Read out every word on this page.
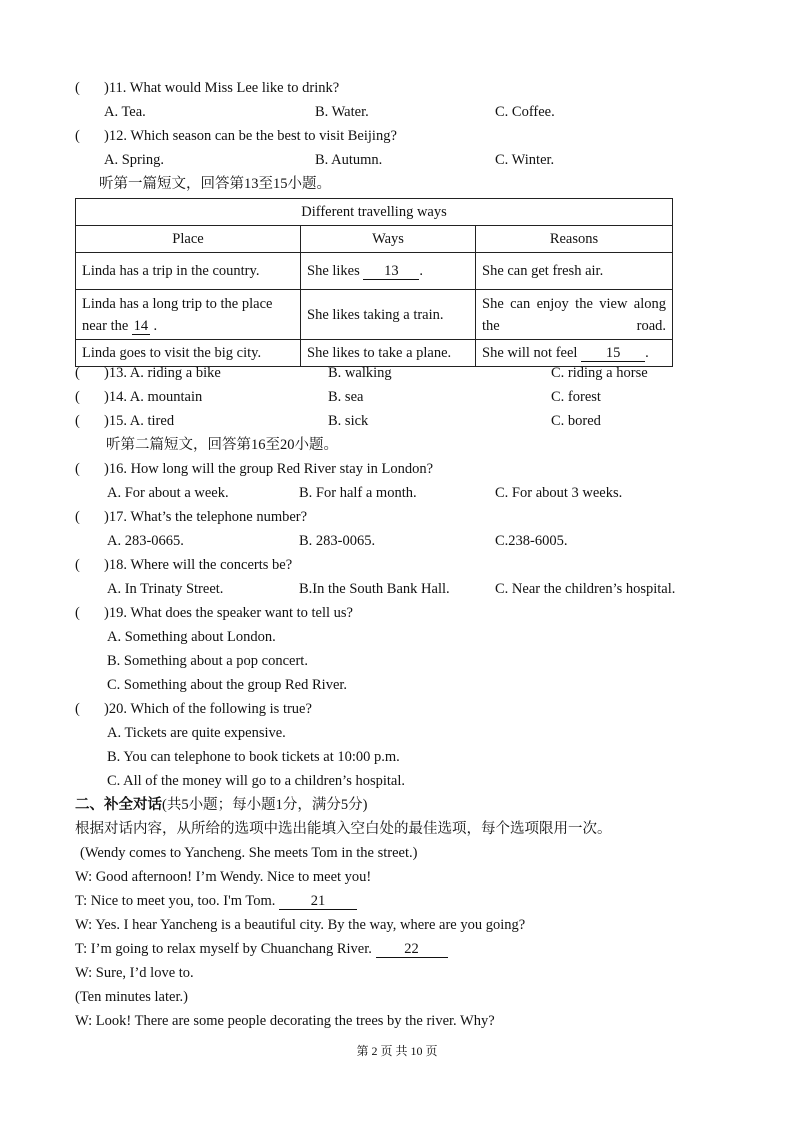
( )11. What would Miss Lee like to drink?
A. Tea.	B. Water.	C. Coffee.
( )12. Which season can be the best to visit Beijing?
A. Spring.	B. Autumn.	C. Winter.
听第一篇短文，回答第13至15小题。
Different travelling ways		
Place	Ways	Reasons
Linda has a trip in the country.	She likes 13 .	She can get fresh air.
Linda has a long trip to the place near the 14 .	She likes taking a train.	She can enjoy the view along the road.
Linda goes to visit the big city.	She likes to take a plane.	She will not feel 15 .
( )13. A. riding a bike	B. walking	C. riding a horse
( )14. A. mountain	B. sea	C. forest
( )15. A. tired	B. sick	C. bored
听第二篇短文，回答第16至20小题。
( )16. How long will the group Red River stay in London?
A. For about a week.	B. For half a month.	C. For about 3 weeks.
( )17. What’s the telephone number?
A. 283-0665.	B. 283-0065.	C.238-6005.
( )18. Where will the concerts be?
A. In Trinaty Street.	B.In the South Bank Hall.	C. Near the children’s hospital.
( )19. What does the speaker want to tell us?
A. Something about London.
B. Something about a pop concert.
C. Something about the group Red River.
( )20. Which of the following is true?
A. Tickets are quite expensive.
B. You can telephone to book tickets at 10:00 p.m.
C. All of the money will go to a children’s hospital.
二、补全对话(共5小题；每小题1分，满分5分)
根据对话内容，从所给的选项中选出能填入空白处的最佳选项，每个选项限用一次。
(Wendy comes to Yancheng. She meets Tom in the street.)
W: Good afternoon! I’m Wendy. Nice to meet you!
T: Nice to meet you, too. I'm Tom. 21
W: Yes. I hear Yancheng is a beautiful city. By the way, where are you going?
T: I’m going to relax myself by Chuanchang River. 22
W: Sure, I’d love to.
(Ten minutes later.)
W: Look! There are some people decorating the trees by the river. Why?
第 2 页 共 10 页
